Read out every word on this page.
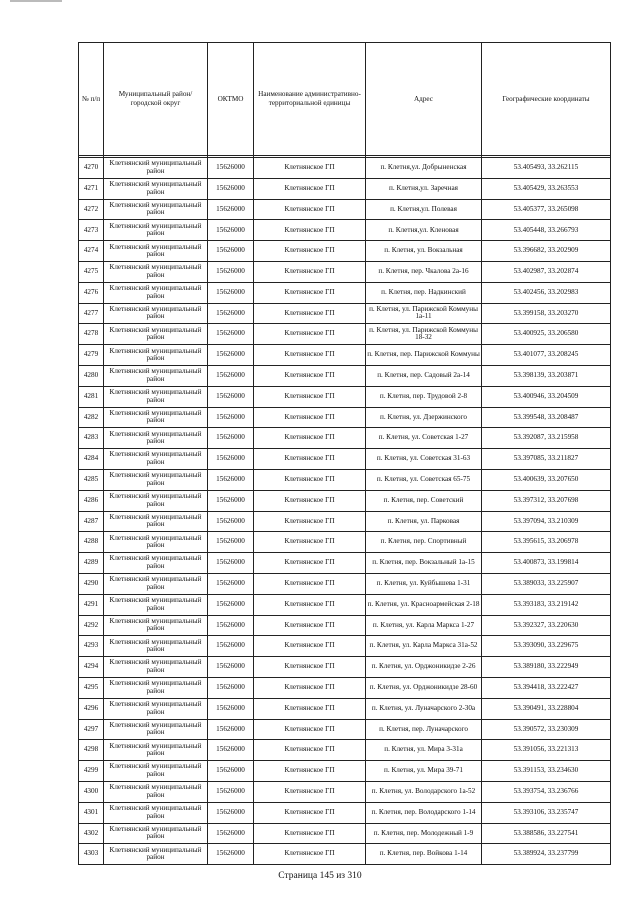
№ п/п	Муниципальный район/городской округ	ОКТМО	Наименование административно-территориальной единицы	Адрес	Географические координаты

4270	Клетнянский муниципальный район	15626000	Клетнянское ГП	п. Клетня,ул. Добрыненская	53.405493, 33.262115
4271	Клетнянский муниципальный район	15626000	Клетнянское ГП	п. Клетня,ул. Заречная	53.405429, 33.263553
4272	Клетнянский муниципальный район	15626000	Клетнянское ГП	п. Клетня,ул. Полевая	53.405377, 33.265098
4273	Клетнянский муниципальный район	15626000	Клетнянское ГП	п. Клетня,ул. Кленовая	53.405448, 33.266793
4274	Клетнянский муниципальный район	15626000	Клетнянское ГП	п. Клетня, ул. Вокзальная	53.396682, 33.202909
4275	Клетнянский муниципальный район	15626000	Клетнянское ГП	п. Клетня, пер. Чкалова 2а-16	53.402987, 33.202874
4276	Клетнянский муниципальный район	15626000	Клетнянское ГП	п. Клетня, пер. Надкинский	53.402456, 33.202983
4277	Клетнянский муниципальный район	15626000	Клетнянское ГП	п. Клетня, ул. Парижской Коммуны 1а-11	53.399158, 33.203270
4278	Клетнянский муниципальный район	15626000	Клетнянское ГП	п. Клетня, ул. Парижской Коммуны 18-32	53.400925, 33.206580
4279	Клетнянский муниципальный район	15626000	Клетнянское ГП	п. Клетня, пер. Парижской Коммуны	53.401077, 33.208245
4280	Клетнянский муниципальный район	15626000	Клетнянское ГП	п. Клетня, пер. Садовый 2а-14	53.398139, 33.203871
4281	Клетнянский муниципальный район	15626000	Клетнянское ГП	п. Клетня, пер. Трудовой 2-8	53.400946, 33.204509
4282	Клетнянский муниципальный район	15626000	Клетнянское ГП	п. Клетня, ул. Дзержинского	53.399548, 33.208487
4283	Клетнянский муниципальный район	15626000	Клетнянское ГП	п. Клетня, ул. Советская 1-27	53.392087, 33.215958
4284	Клетнянский муниципальный район	15626000	Клетнянское ГП	п. Клетня, ул. Советская 31-63	53.397085, 33.211827
4285	Клетнянский муниципальный район	15626000	Клетнянское ГП	п. Клетня, ул. Советская 65-75	53.400639, 33.207650
4286	Клетнянский муниципальный район	15626000	Клетнянское ГП	п. Клетня, пер. Советский	53.397312, 33.207698
4287	Клетнянский муниципальный район	15626000	Клетнянское ГП	п. Клетня, ул. Парковая	53.397094, 33.210309
4288	Клетнянский муниципальный район	15626000	Клетнянское ГП	п. Клетня, пер. Спортивный	53.395615, 33.206978
4289	Клетнянский муниципальный район	15626000	Клетнянское ГП	п. Клетня, пер. Вокзальный 1а-15	53.400873, 33.199814
4290	Клетнянский муниципальный район	15626000	Клетнянское ГП	п. Клетня, ул. Куйбышева 1-31	53.389033, 33.225907
4291	Клетнянский муниципальный район	15626000	Клетнянское ГП	п. Клетня, ул. Красноармейская 2-18	53.393183, 33.219142
4292	Клетнянский муниципальный район	15626000	Клетнянское ГП	п. Клетня, ул. Карла Маркса 1-27	53.392327, 33.220630
4293	Клетнянский муниципальный район	15626000	Клетнянское ГП	п. Клетня, ул. Карла Маркса 31а-52	53.393090, 33.229675
4294	Клетнянский муниципальный район	15626000	Клетнянское ГП	п. Клетня, ул. Орджоникидзе 2-26	53.389180, 33.222949
4295	Клетнянский муниципальный район	15626000	Клетнянское ГП	п. Клетня, ул. Орджоникидзе 28-60	53.394418, 33.222427
4296	Клетнянский муниципальный район	15626000	Клетнянское ГП	п. Клетня, ул. Луначарского 2-30а	53.390491, 33.228804
4297	Клетнянский муниципальный район	15626000	Клетнянское ГП	п. Клетня, пер. Луначарского	53.390572, 33.230309
4298	Клетнянский муниципальный район	15626000	Клетнянское ГП	п. Клетня, ул. Мира 3-31а	53.391056, 33.221313
4299	Клетнянский муниципальный район	15626000	Клетнянское ГП	п. Клетня, ул. Мира 39-71	53.391153, 33.234630
4300	Клетнянский муниципальный район	15626000	Клетнянское ГП	п. Клетня, ул. Володарского 1а-52	53.393754, 33.236766
4301	Клетнянский муниципальный район	15626000	Клетнянское ГП	п. Клетня, пер. Володарского 1-14	53.393106, 33.235747
4302	Клетнянский муниципальный район	15626000	Клетнянское ГП	п. Клетня, пер. Молодежный 1-9	53.388586, 33.227541
4303	Клетнянский муниципальный район	15626000	Клетнянское ГП	п. Клетня, пер. Войкова 1-14	53.389924, 33.237799
Страница 145 из 310
